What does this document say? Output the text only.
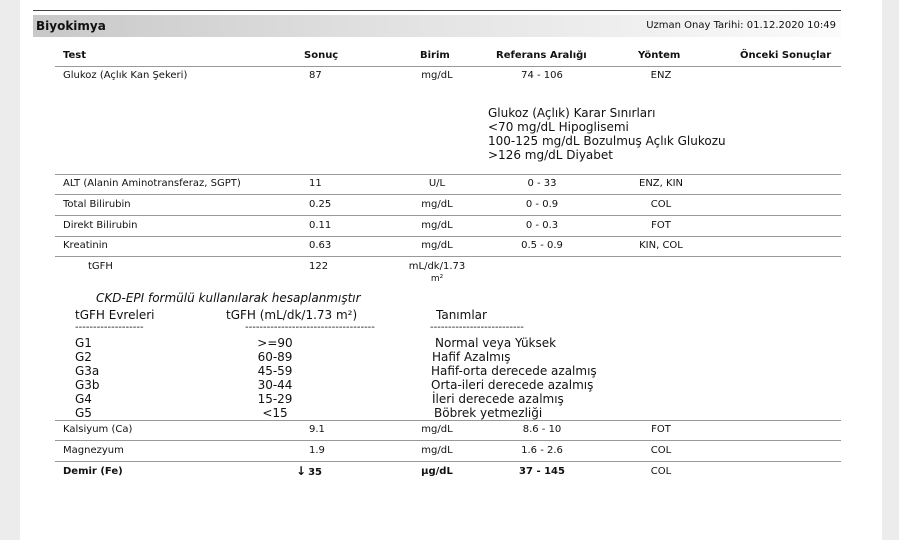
Biyokimya	Uzman Onay Tarihi: 01.12.2020 10:49
Test	Sonuç	Birim	Referans Aralığı	Yöntem	Önceki Sonuçlar
Glukoz (Açlık Kan Şekeri)	87	mg/dL	74 - 106	ENZ
Glukoz (Açlık) Karar Sınırları
<70 mg/dL Hipoglisemi
100-125 mg/dL Bozulmuş Açlık Glukozu
>126 mg/dL Diyabet
ALT (Alanin Aminotransferaz, SGPT)	11	U/L	0 - 33	ENZ, KIN
Total Bilirubin	0.25	mg/dL	0 - 0.9	COL
Direkt Bilirubin	0.11	mg/dL	0 - 0.3	FOT
Kreatinin	0.63	mg/dL	0.5 - 0.9	KIN, COL
tGFH	122	mL/dk/1.73
m²
CKD-EPI formülü kullanılarak hesaplanmıştır
tGFH Evreleri	tGFH (mL/dk/1.73 m²)	Tanımlar
-------------------	------------------------------------	--------------------------
G1	>=90	Normal veya Yüksek
G2	60-89	Hafif Azalmış
G3a	45-59	Hafif-orta derecede azalmış
G3b	30-44	Orta-ileri derecede azalmış
G4	15-29	İleri derecede azalmış
G5	<15	Böbrek yetmezliği
Kalsiyum (Ca)	9.1	mg/dL	8.6 - 10	FOT
Magnezyum	1.9	mg/dL	1.6 - 2.6	COL
Demir (Fe)	↓ 35	µg/dL	37 - 145	COL
